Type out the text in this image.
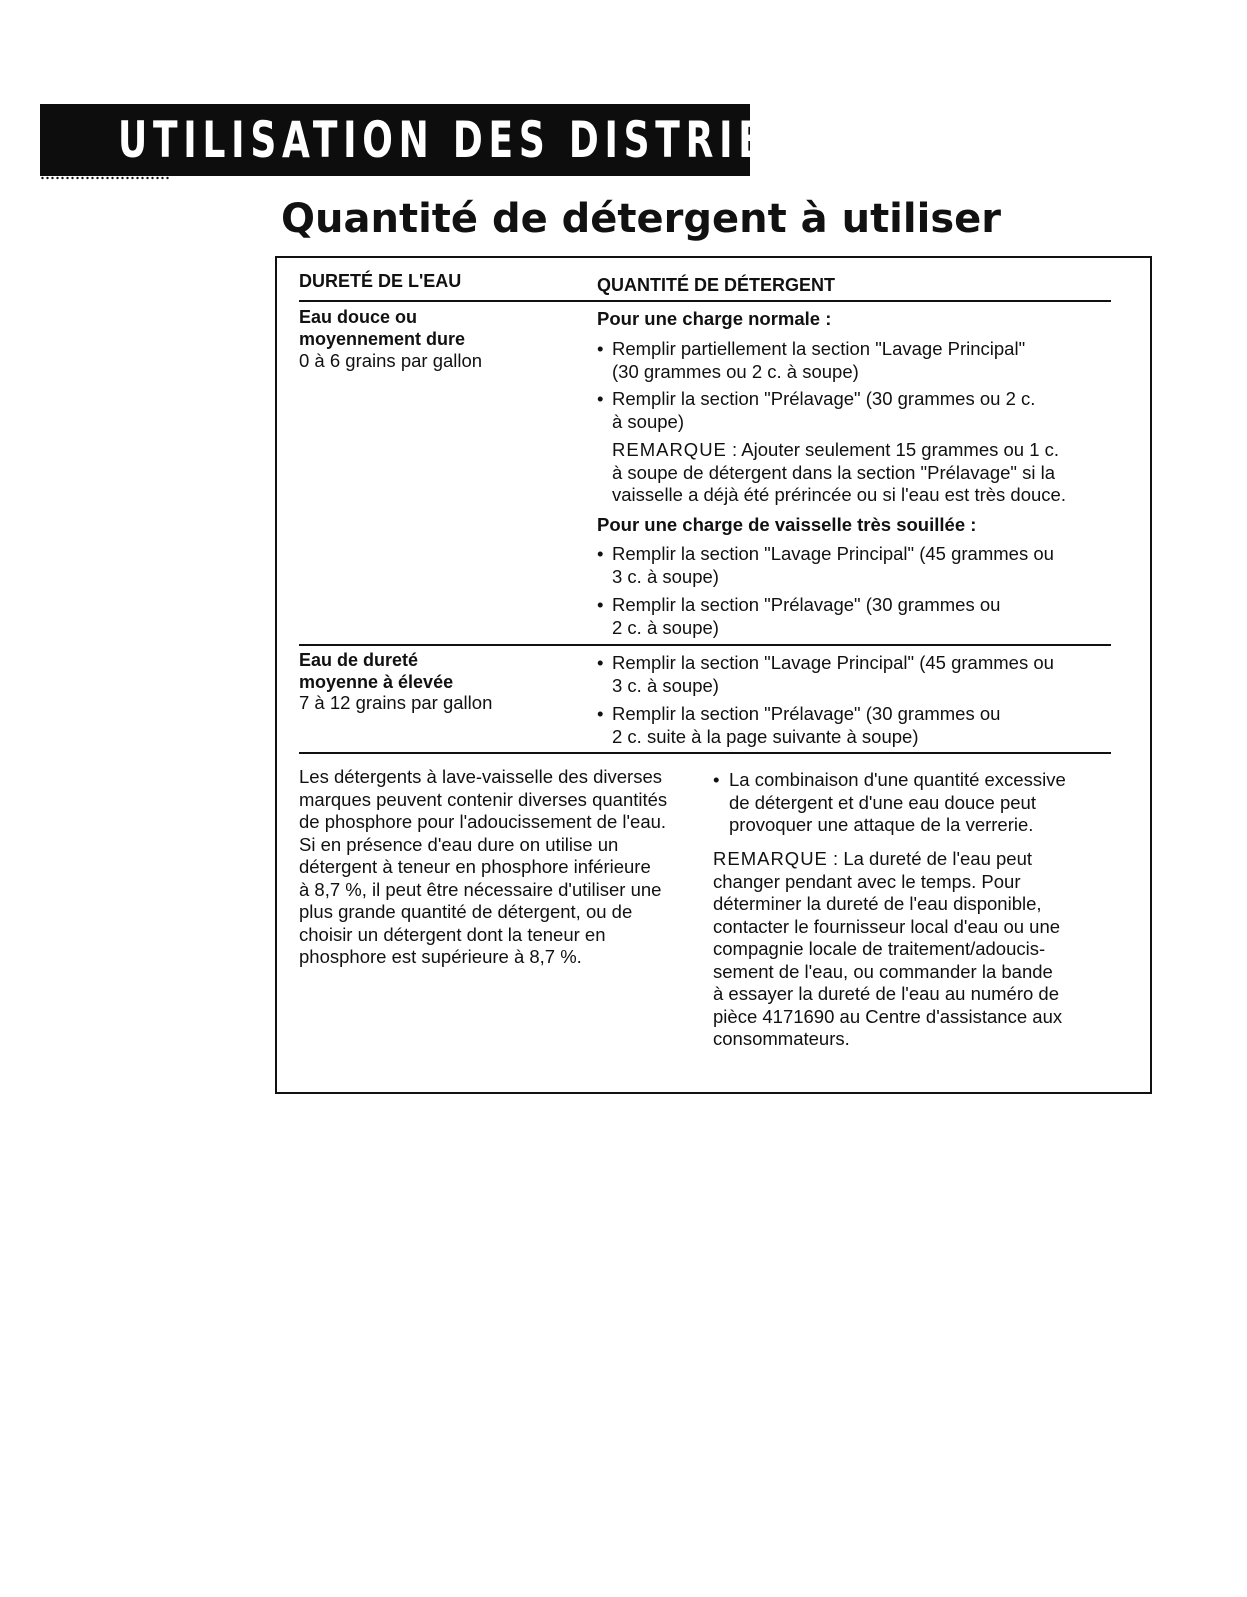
UTILISATION DES DISTRIBUTEURS
Quantité de détergent à utiliser
DURETÉ DE L'EAU	QUANTITÉ DE DÉTERGENT
Eau douce ou
moyennement dure
0 à 6 grains par gallon
Pour une charge normale :
• Remplir partiellement la section "Lavage Principal"
(30 grammes ou 2 c. à soupe)
• Remplir la section "Prélavage" (30 grammes ou 2 c.
à soupe)
REMARQUE : Ajouter seulement 15 grammes ou 1 c.
à soupe de détergent dans la section "Prélavage" si la
vaisselle a déjà été prérincée ou si l'eau est très douce.
Pour une charge de vaisselle très souillée :
• Remplir la section "Lavage Principal" (45 grammes ou
3 c. à soupe)
• Remplir la section "Prélavage" (30 grammes ou
2 c. à soupe)
Eau de dureté
moyenne à élevée
7 à 12 grains par gallon
• Remplir la section "Lavage Principal" (45 grammes ou
3 c. à soupe)
• Remplir la section "Prélavage" (30 grammes ou
2 c. suite à la page suivante à soupe)
Les détergents à lave-vaisselle des diverses
marques peuvent contenir diverses quantités
de phosphore pour l'adoucissement de l'eau.
Si en présence d'eau dure on utilise un
détergent à teneur en phosphore inférieure
à 8,7 %, il peut être nécessaire d'utiliser une
plus grande quantité de détergent, ou de
choisir un détergent dont la teneur en
phosphore est supérieure à 8,7 %.
• La combinaison d'une quantité excessive
de détergent et d'une eau douce peut
provoquer une attaque de la verrerie.
REMARQUE : La dureté de l'eau peut
changer pendant avec le temps. Pour
déterminer la dureté de l'eau disponible,
contacter le fournisseur local d'eau ou une
compagnie locale de traitement/adoucis-
sement de l'eau, ou commander la bande
à essayer la dureté de l'eau au numéro de
pièce 4171690 au Centre d'assistance aux
consommateurs.
